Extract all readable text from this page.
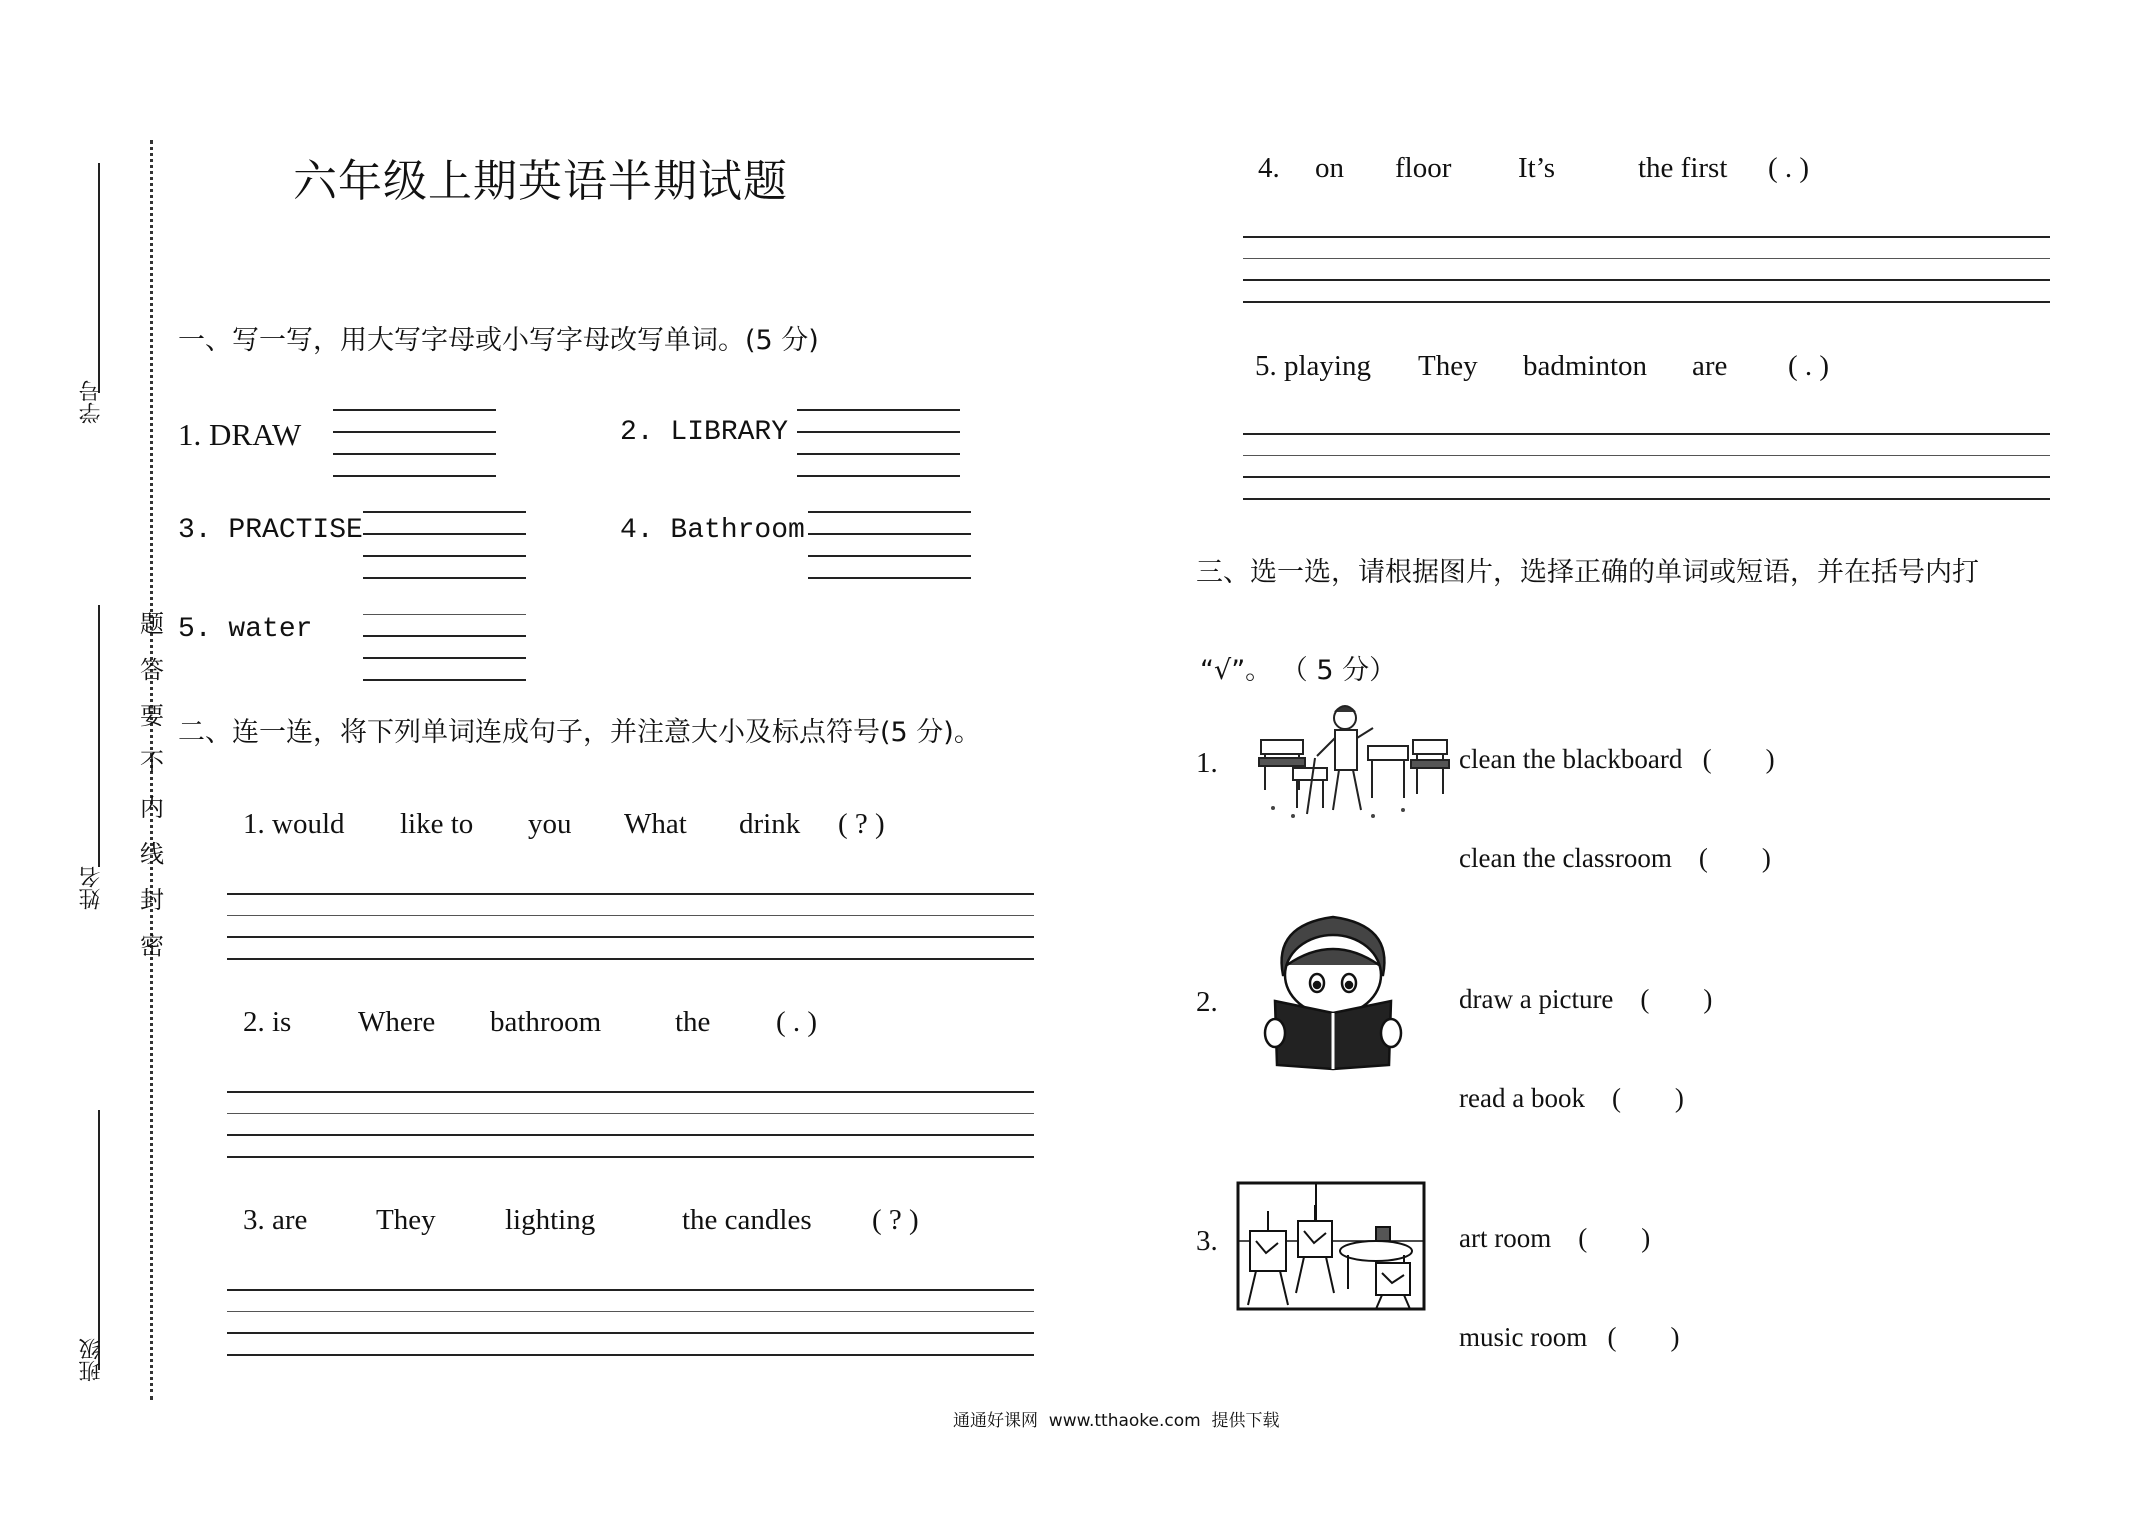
学号
姓名
班级
题
答
要
不
内
线
封
密
六年级上期英语半期试题
一、写一写，用大写字母或小写字母改写单词。(5 分)
1. DRAW	2. LIBRARY
3. PRACTISE	4. Bathroom
5. water
二、连一连，将下列单词连成句子，并注意大小及标点符号(5 分)。
1. would like to you What drink ( ? )
2. is Where bathroom	the ( . )
3. are They lighting	the candles ( ? )
4. on floor It’s	the first ( . )
5. playing They badminton are ( . )
三、选一选，请根据图片，选择正确的单词或短语，并在括号内打
“√”。 （ 5 分）
1.	clean the blackboard   (        )
clean the classroom    (        )
2.	draw a picture    (        )
read a book    (        )
3.	art room    (        )
music room   (        )
通通好课网  www.tthaoke.com  提供下载
